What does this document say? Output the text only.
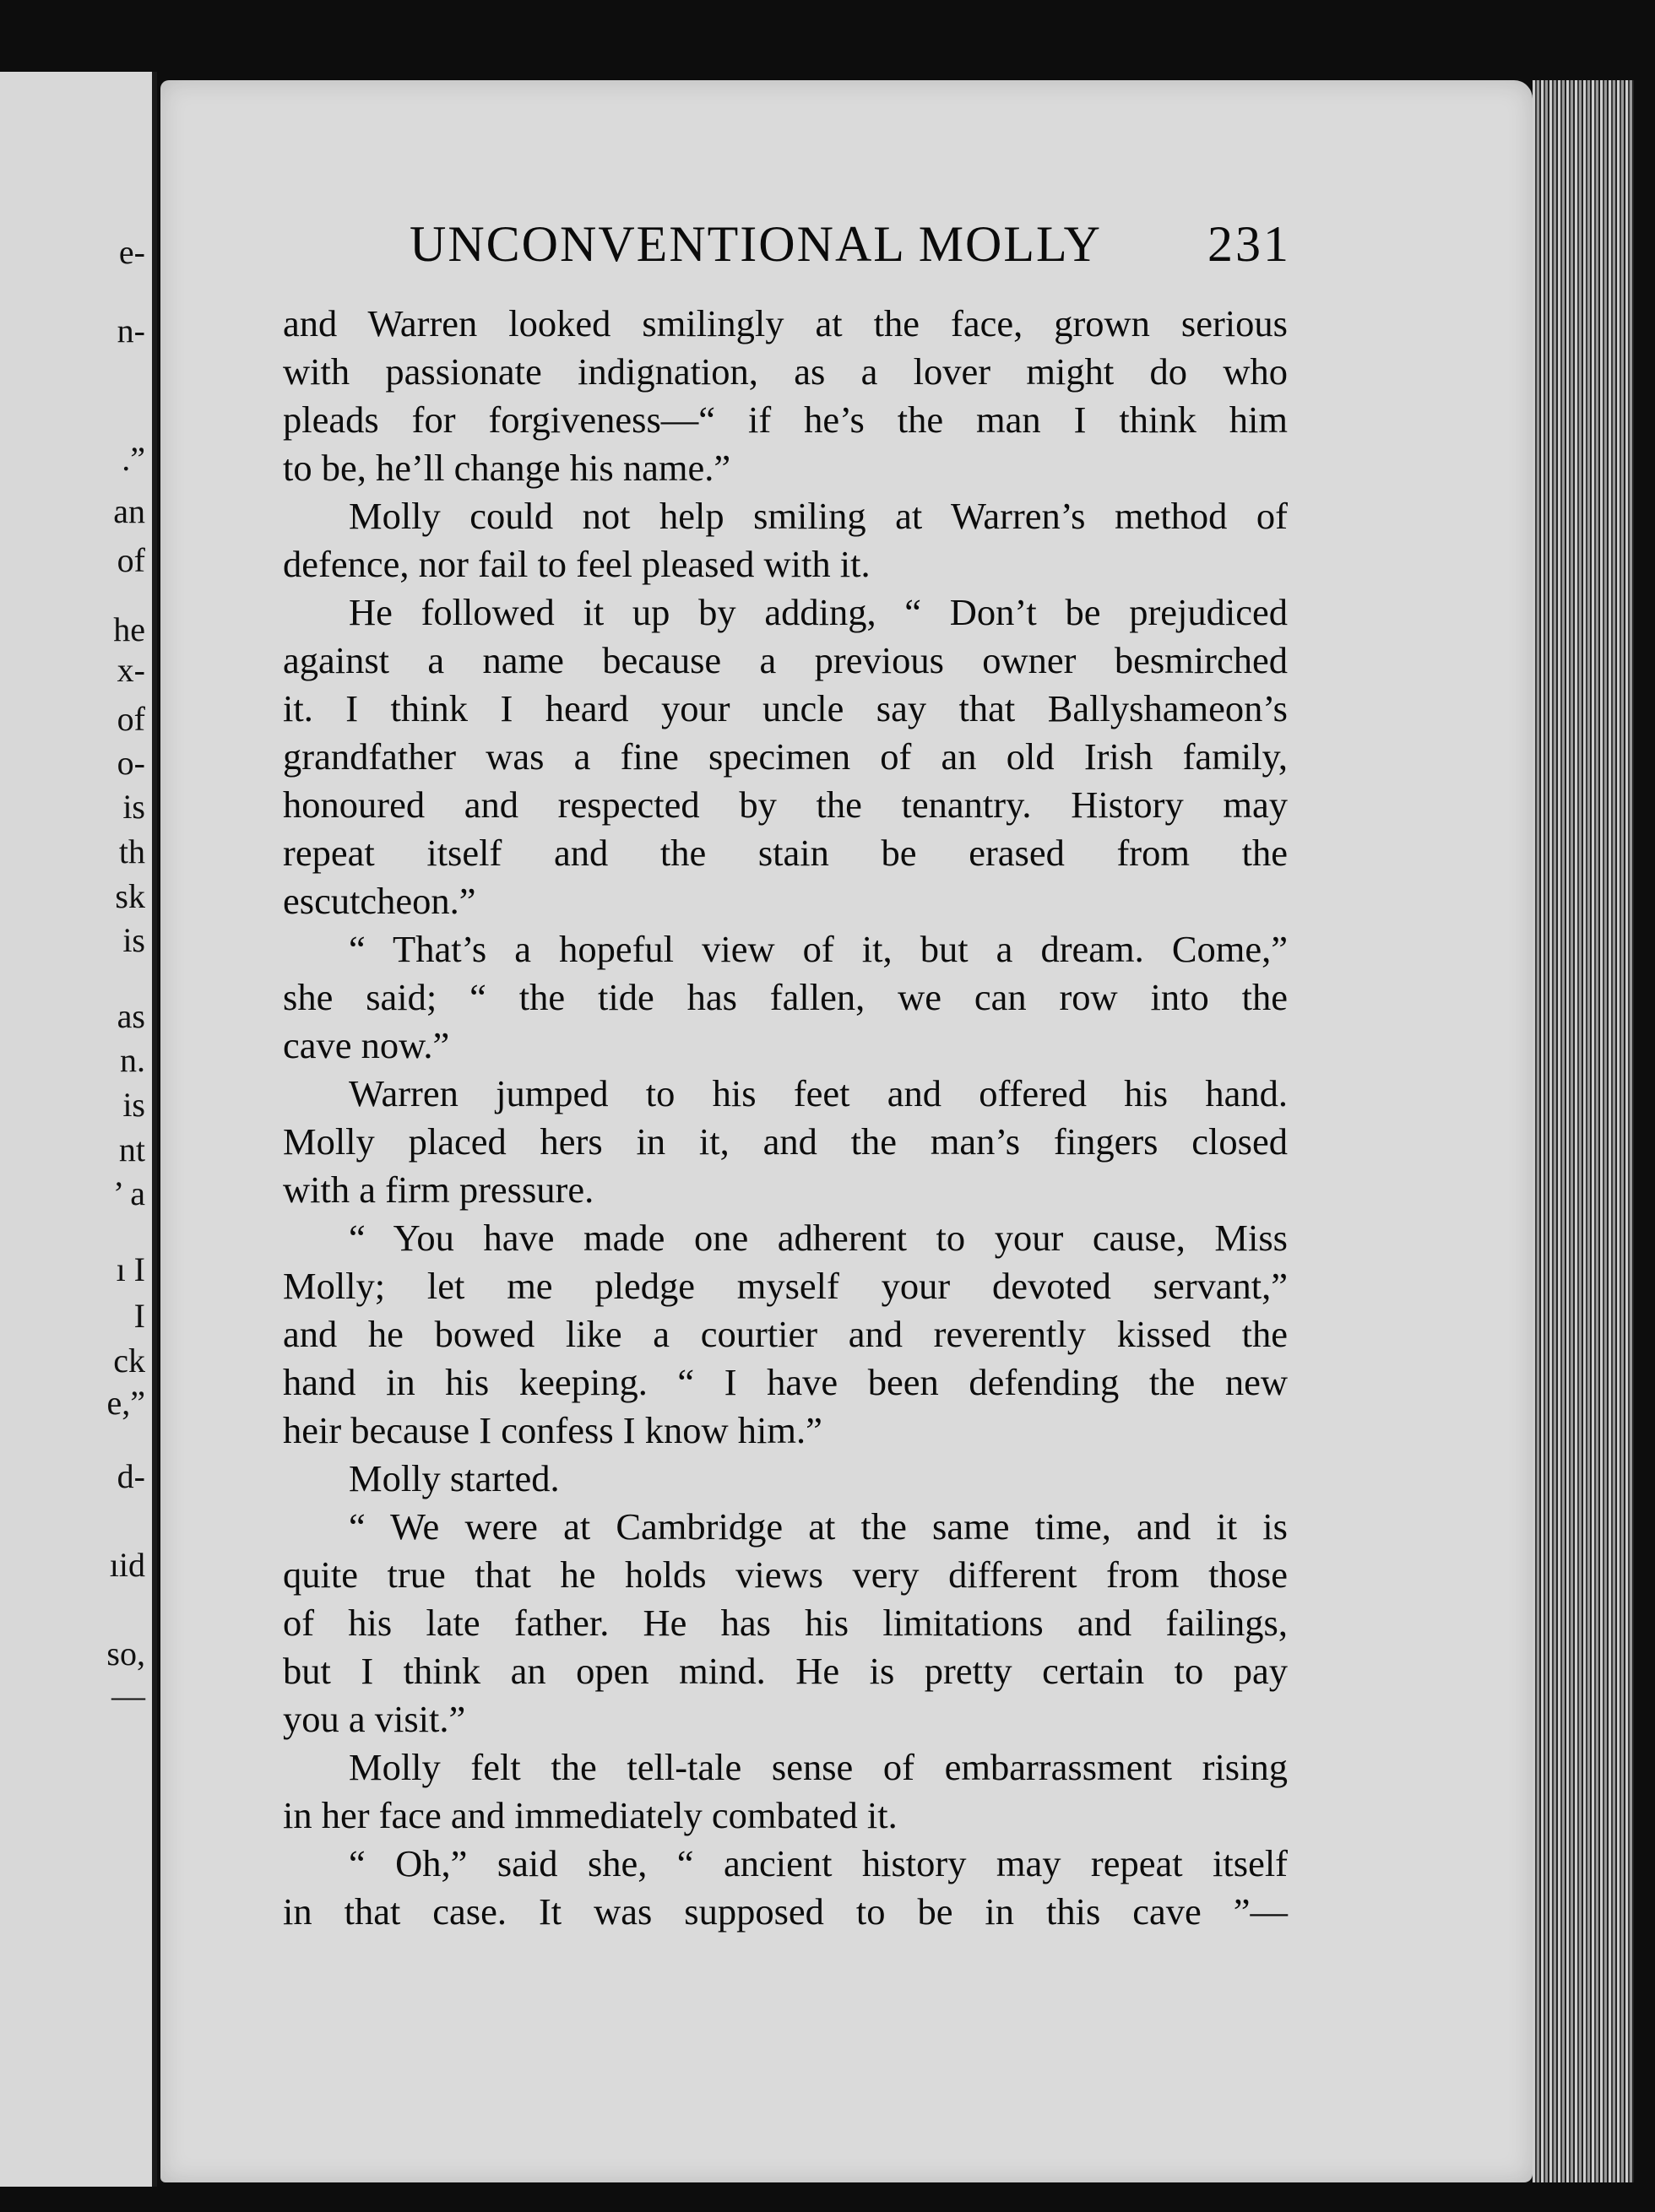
e-
n-
.”
an
of
he
x-
of
o-
is
th
sk
is
as
n.
is
nt
’ a
ı I
I
ck
e,”
d-
ıid
so,
—
UNCONVENTIONAL MOLLY 231
and Warren looked smilingly at the face, grown serious
with passionate indignation, as a lover might do who
pleads for forgiveness—“ if he’s the man I think him
to be, he’ll change his name.”
Molly could not help smiling at Warren’s method of
defence, nor fail to feel pleased with it.
He followed it up by adding, “ Don’t be prejudiced
against a name because a previous owner besmirched
it. I think I heard your uncle say that Ballyshameon’s
grandfather was a fine specimen of an old Irish family,
honoured and respected by the tenantry. History may
repeat itself and the stain be erased from the
escutcheon.”
“ That’s a hopeful view of it, but a dream. Come,”
she said; “ the tide has fallen, we can row into the
cave now.”
Warren jumped to his feet and offered his hand.
Molly placed hers in it, and the man’s fingers closed
with a firm pressure.
“ You have made one adherent to your cause, Miss
Molly; let me pledge myself your devoted servant,”
and he bowed like a courtier and reverently kissed the
hand in his keeping. “ I have been defending the new
heir because I confess I know him.”
Molly started.
“ We were at Cambridge at the same time, and it is
quite true that he holds views very different from those
of his late father. He has his limitations and failings,
but I think an open mind. He is pretty certain to pay
you a visit.”
Molly felt the tell-tale sense of embarrassment rising
in her face and immediately combated it.
“ Oh,” said she, “ ancient history may repeat itself
in that case. It was supposed to be in this cave ”—
